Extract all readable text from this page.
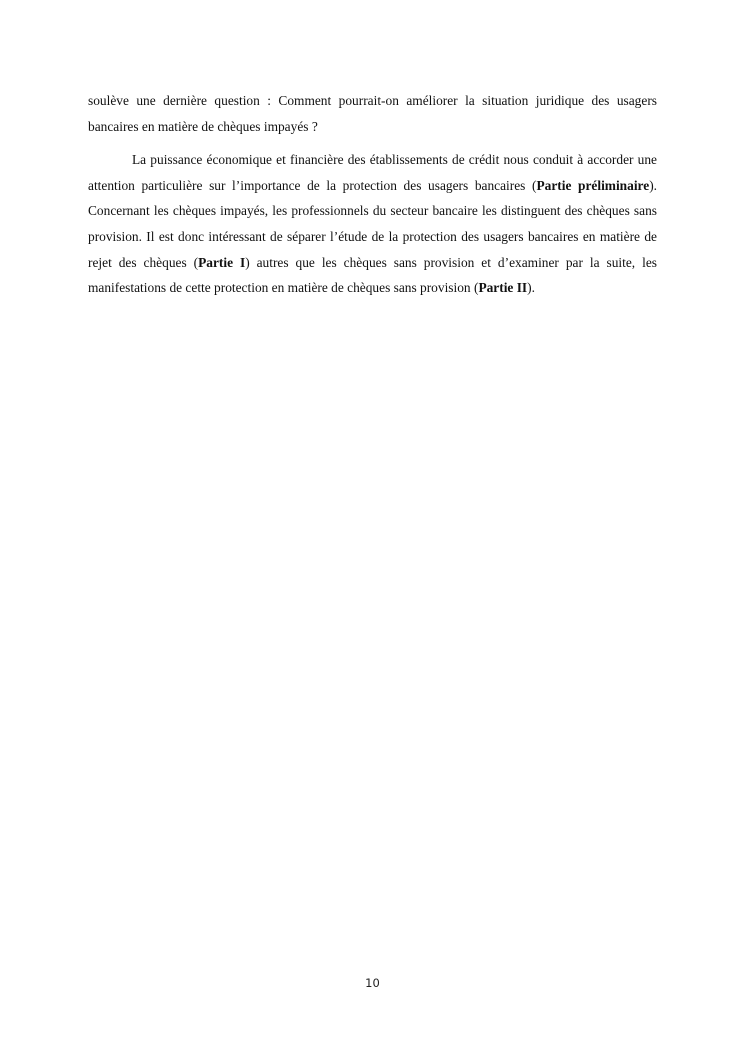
soulève une dernière question : Comment pourrait-on améliorer la situation juridique des usagers bancaires en matière de chèques impayés ?

La puissance économique et financière des établissements de crédit nous conduit à accorder une attention particulière sur l’importance de la protection des usagers bancaires (Partie préliminaire). Concernant les chèques impayés, les professionnels du secteur bancaire les distinguent des chèques sans provision. Il est donc intéressant de séparer l’étude de la protection des usagers bancaires en matière de rejet des chèques (Partie I) autres que les chèques sans provision et d’examiner par la suite, les manifestations de cette protection en matière de chèques sans provision (Partie II).

10
